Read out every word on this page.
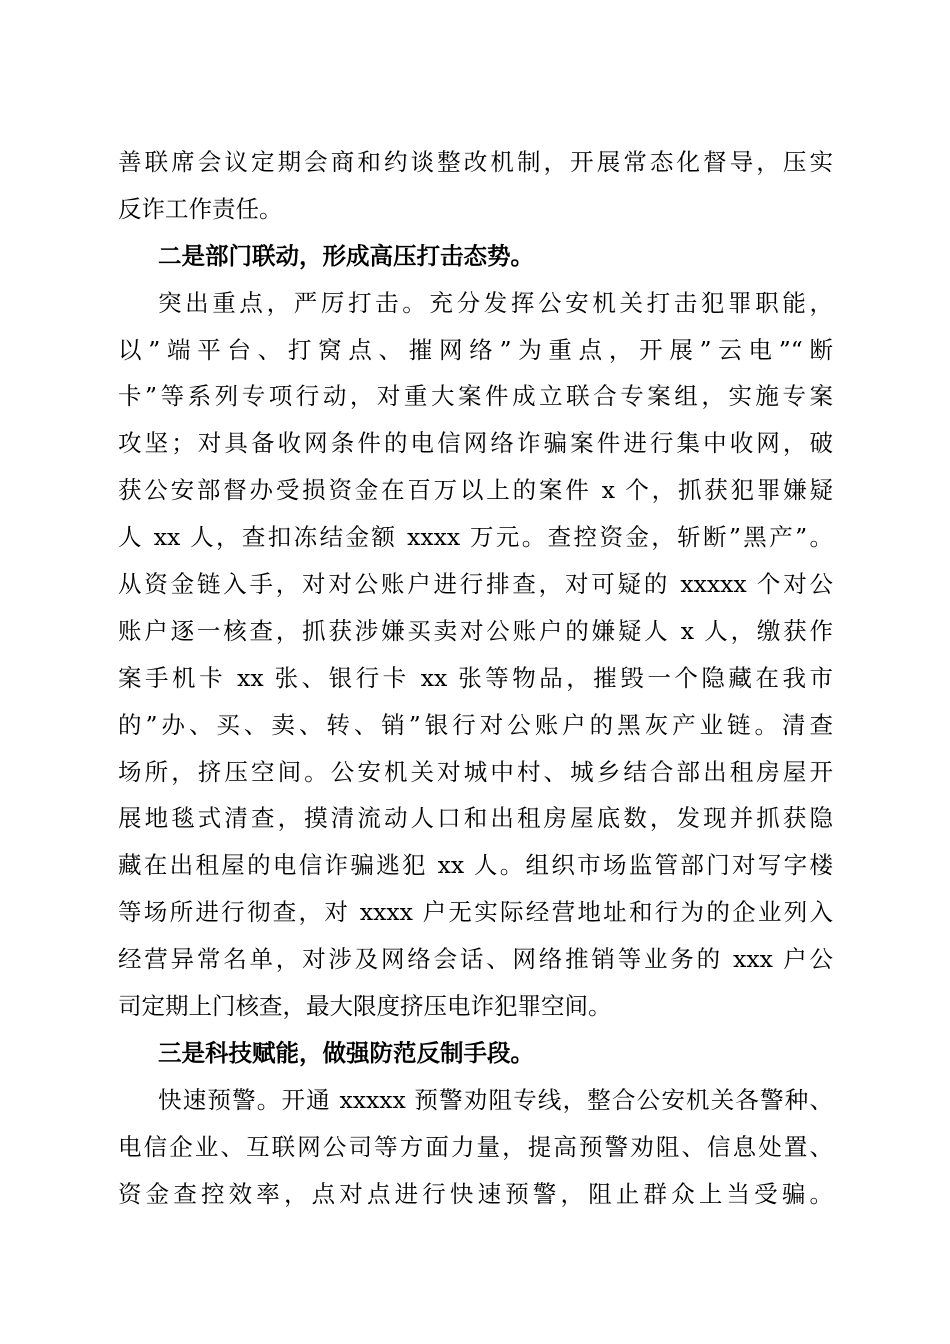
善联席会议定期会商和约谈整改机制，开展常态化督导，压实
反诈工作责任。
二是部门联动，形成高压打击态势。
突出重点，严厉打击。充分发挥公安机关打击犯罪职能，
以”端平台、打窝点、摧网络”为重点，开展”云电”“断
卡”等系列专项行动，对重大案件成立联合专案组，实施专案
攻坚；对具备收网条件的电信网络诈骗案件进行集中收网，破
获公安部督办受损资金在百万以上的案件 x 个，抓获犯罪嫌疑
人 xx 人，查扣冻结金额 xxxx 万元。查控资金，斩断”黑产”。
从资金链入手，对对公账户进行排查，对可疑的 xxxxx 个对公
账户逐一核查，抓获涉嫌买卖对公账户的嫌疑人 x 人，缴获作
案手机卡 xx 张、银行卡 xx 张等物品，摧毁一个隐藏在我市
的”办、买、卖、转、销”银行对公账户的黑灰产业链。清查
场所，挤压空间。公安机关对城中村、城乡结合部出租房屋开
展地毯式清查，摸清流动人口和出租房屋底数，发现并抓获隐
藏在出租屋的电信诈骗逃犯 xx 人。组织市场监管部门对写字楼
等场所进行彻查，对 xxxx 户无实际经营地址和行为的企业列入
经营异常名单，对涉及网络会话、网络推销等业务的 xxx 户公
司定期上门核查，最大限度挤压电诈犯罪空间。
三是科技赋能，做强防范反制手段。
快速预警。开通 xxxxx 预警劝阻专线，整合公安机关各警种、
电信企业、互联网公司等方面力量，提高预警劝阻、信息处置、
资金查控效率，点对点进行快速预警，阻止群众上当受骗。
